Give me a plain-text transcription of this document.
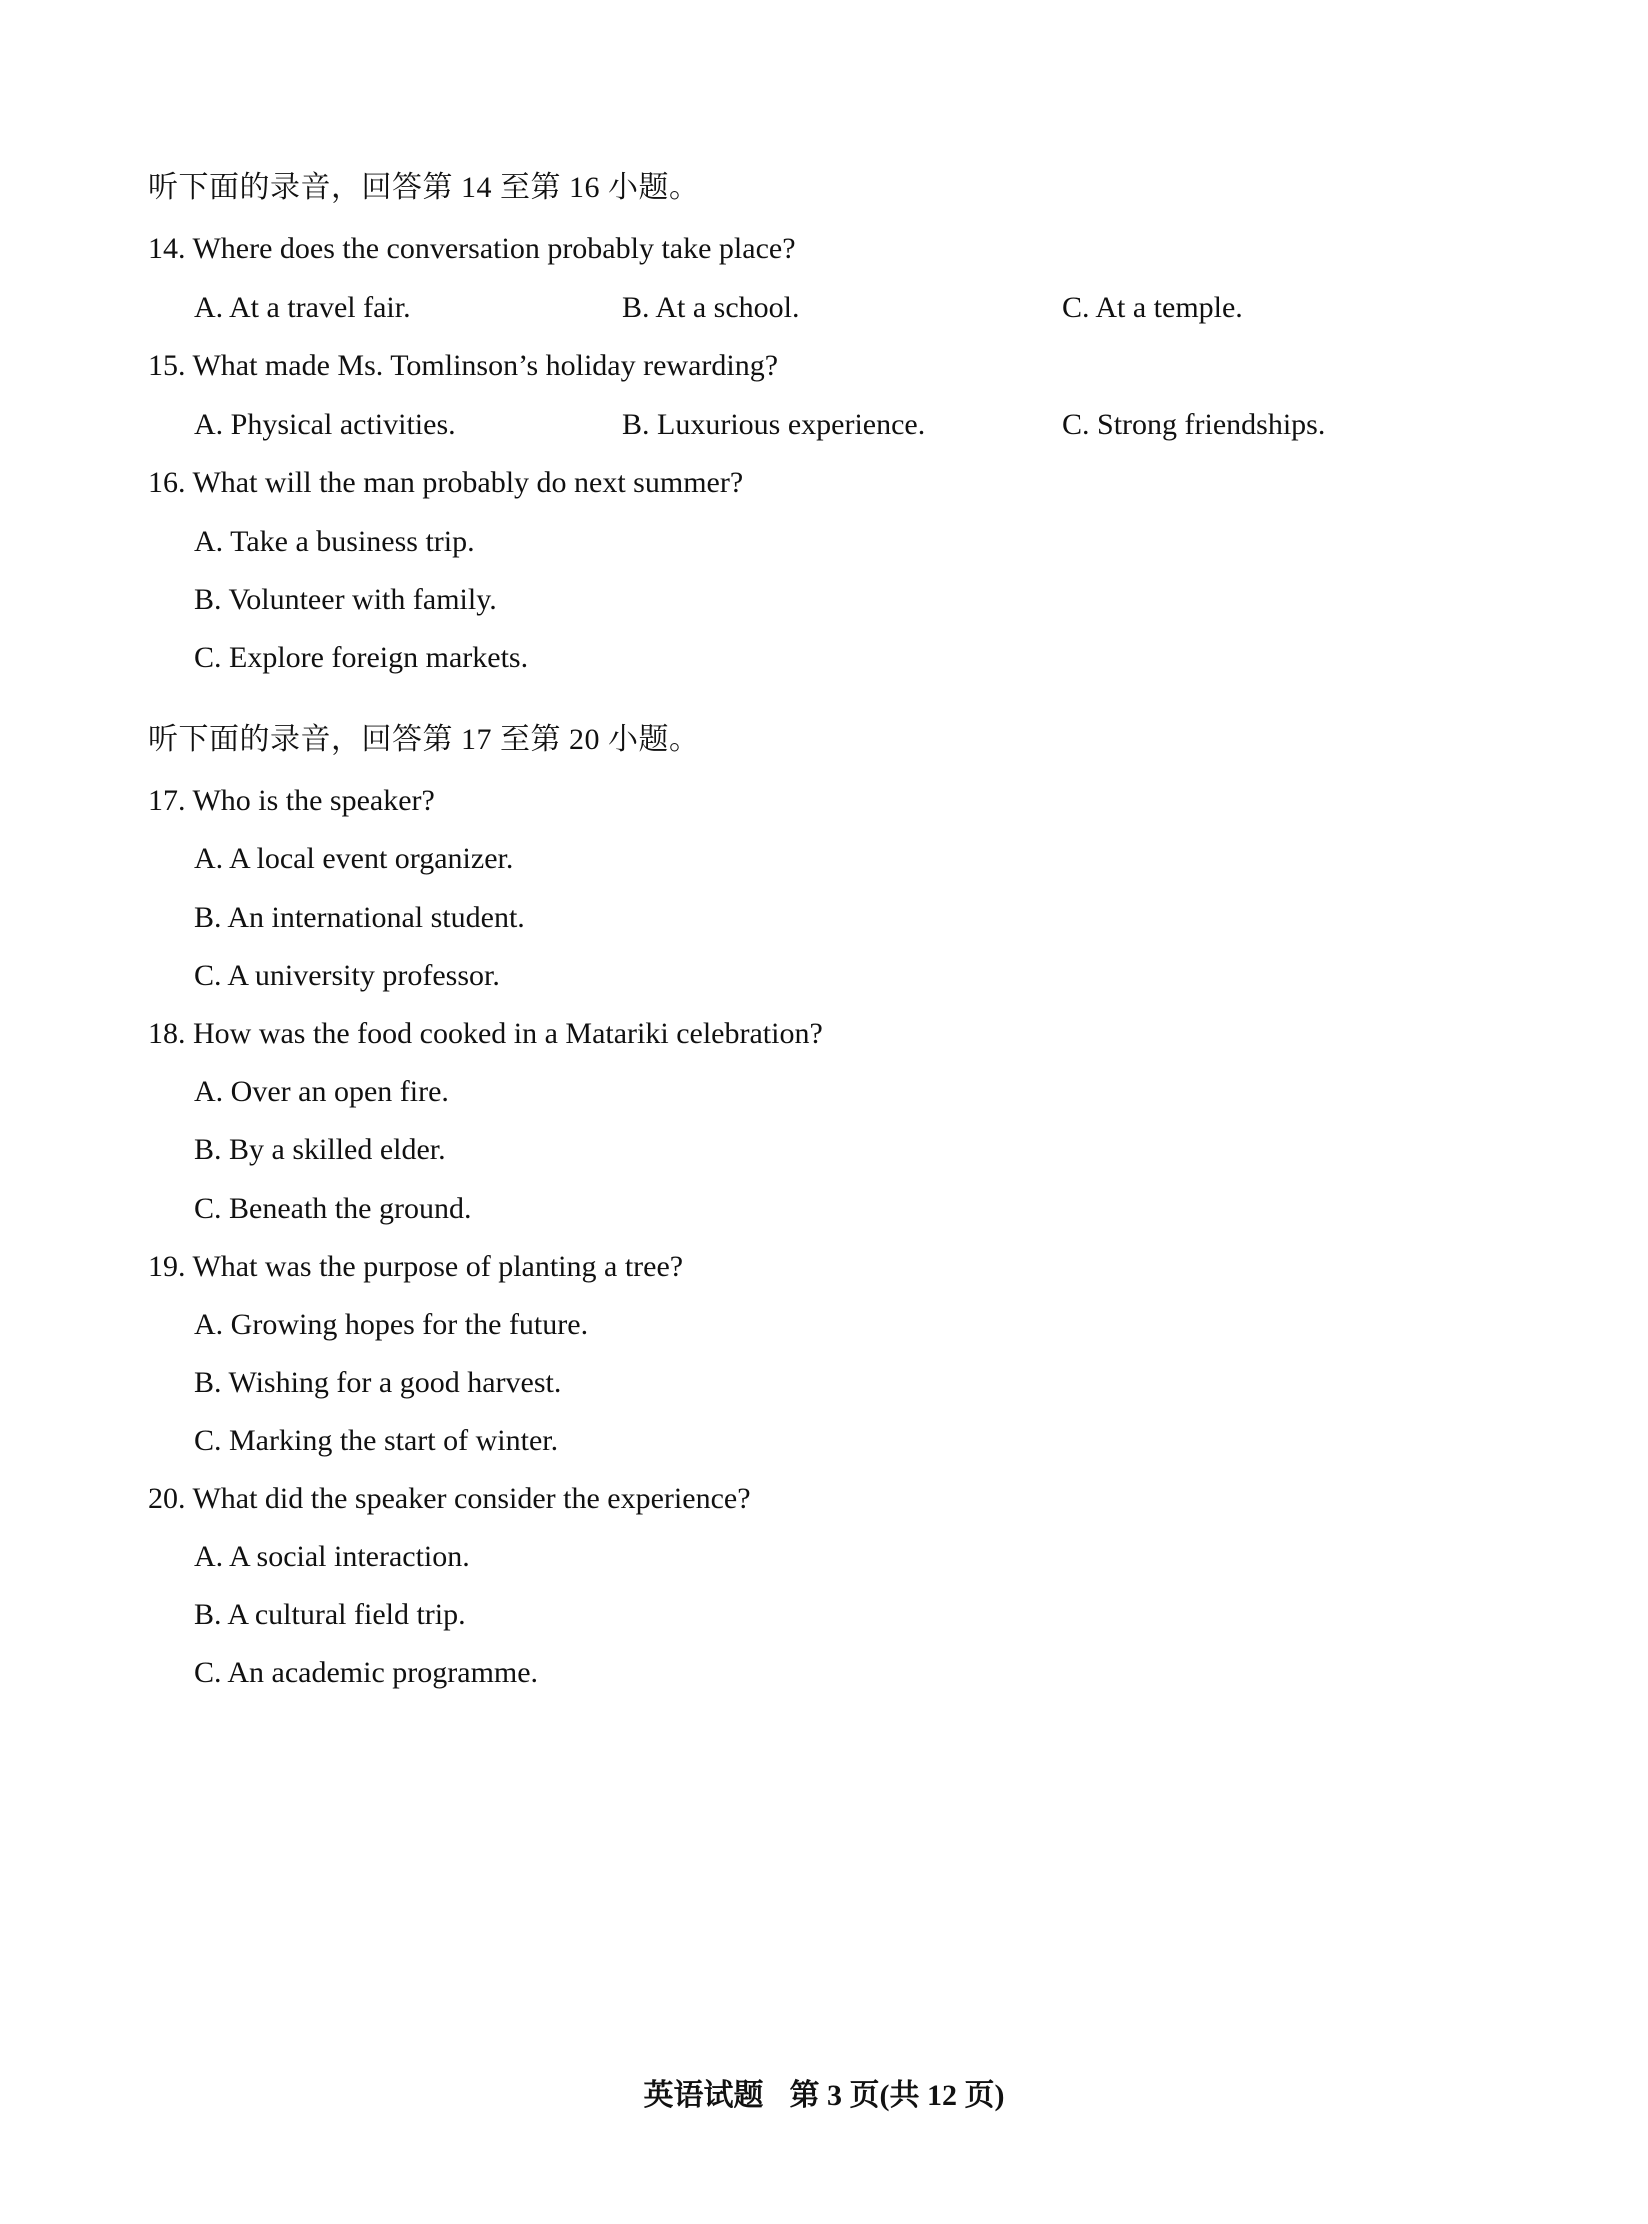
听下面的录音，回答第 14 至第 16 小题。
14. Where does the conversation probably take place?
A. At a travel fair.	B. At a school.	C. At a temple.
15. What made Ms. Tomlinson’s holiday rewarding?
A. Physical activities.	B. Luxurious experience.	C. Strong friendships.
16. What will the man probably do next summer?
A. Take a business trip.
B. Volunteer with family.
C. Explore foreign markets.
听下面的录音，回答第 17 至第 20 小题。
17. Who is the speaker?
A. A local event organizer.
B. An international student.
C. A university professor.
18. How was the food cooked in a Matariki celebration?
A. Over an open fire.
B. By a skilled elder.
C. Beneath the ground.
19. What was the purpose of planting a tree?
A. Growing hopes for the future.
B. Wishing for a good harvest.
C. Marking the start of winter.
20. What did the speaker consider the experience?
A. A social interaction.
B. A cultural field trip.
C. An academic programme.
英语试题 第 3 页(共 12 页)
